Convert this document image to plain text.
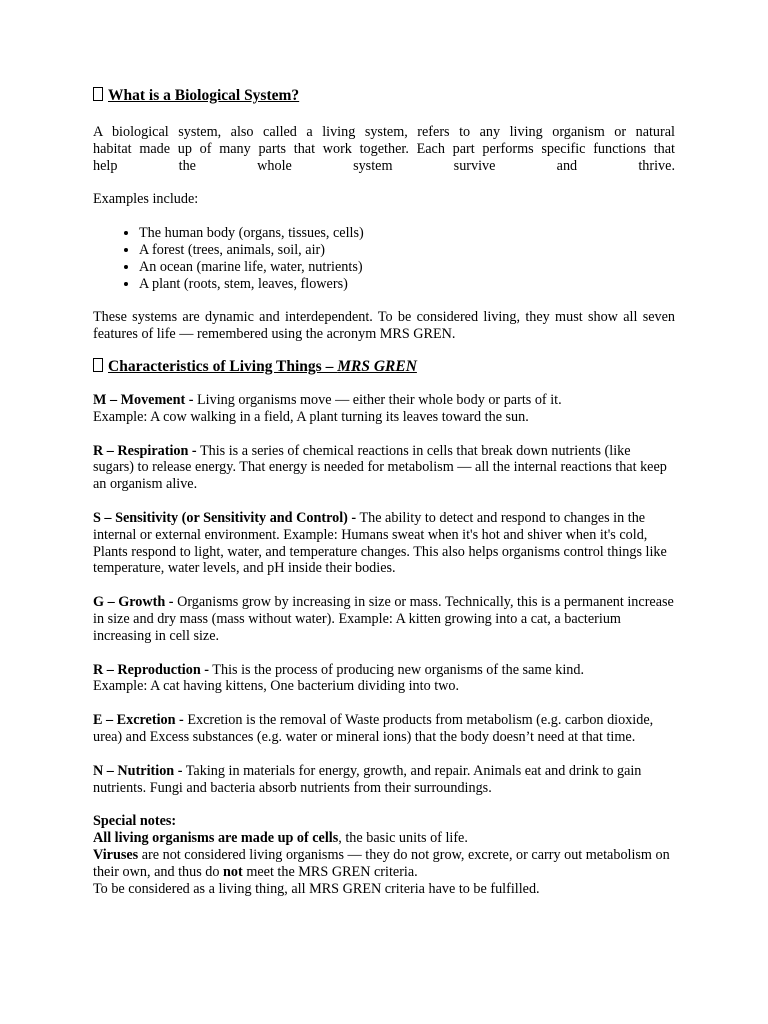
What is a Biological System?

A biological system, also called a living system, refers to any living organism or natural

habitat made up of many parts that work together. Each part performs specific functions that

help the whole system survive and thrive.

Examples include:

• The human body (organs, tissues, cells)
• A forest (trees, animals, soil, air)
• An ocean (marine life, water, nutrients)
• A plant (roots, stem, leaves, flowers)

These systems are dynamic and interdependent. To be considered living, they must show all seven features of life — remembered using the acronym MRS GREN.

Characteristics of Living Things – MRS GREN

M – Movement - Living organisms move — either their whole body or parts of it.

Example: A cow walking in a field, A plant turning its leaves toward the sun.

R – Respiration - This is a series of chemical reactions in cells that break down nutrients (like sugars) to release energy. That energy is needed for metabolism — all the internal reactions that keep an organism alive.

S – Sensitivity (or Sensitivity and Control) - The ability to detect and respond to changes in the internal or external environment. Example: Humans sweat when it's hot and shiver when it's cold, Plants respond to light, water, and temperature changes. This also helps organisms control things like temperature, water levels, and pH inside their bodies.

G – Growth - Organisms grow by increasing in size or mass. Technically, this is a permanent increase in size and dry mass (mass without water). Example: A kitten growing into a cat, a bacterium increasing in cell size.

R – Reproduction - This is the process of producing new organisms of the same kind.

Example: A cat having kittens, One bacterium dividing into two.

E – Excretion - Excretion is the removal of Waste products from metabolism (e.g. carbon dioxide, urea) and Excess substances (e.g. water or mineral ions) that the body doesn’t need at that time.

N – Nutrition - Taking in materials for energy, growth, and repair. Animals eat and drink to gain nutrients. Fungi and bacteria absorb nutrients from their surroundings.

Special notes:

All living organisms are made up of cells, the basic units of life.

Viruses are not considered living organisms — they do not grow, excrete, or carry out metabolism on their own, and thus do not meet the MRS GREN criteria.

To be considered as a living thing, all MRS GREN criteria have to be fulfilled.
